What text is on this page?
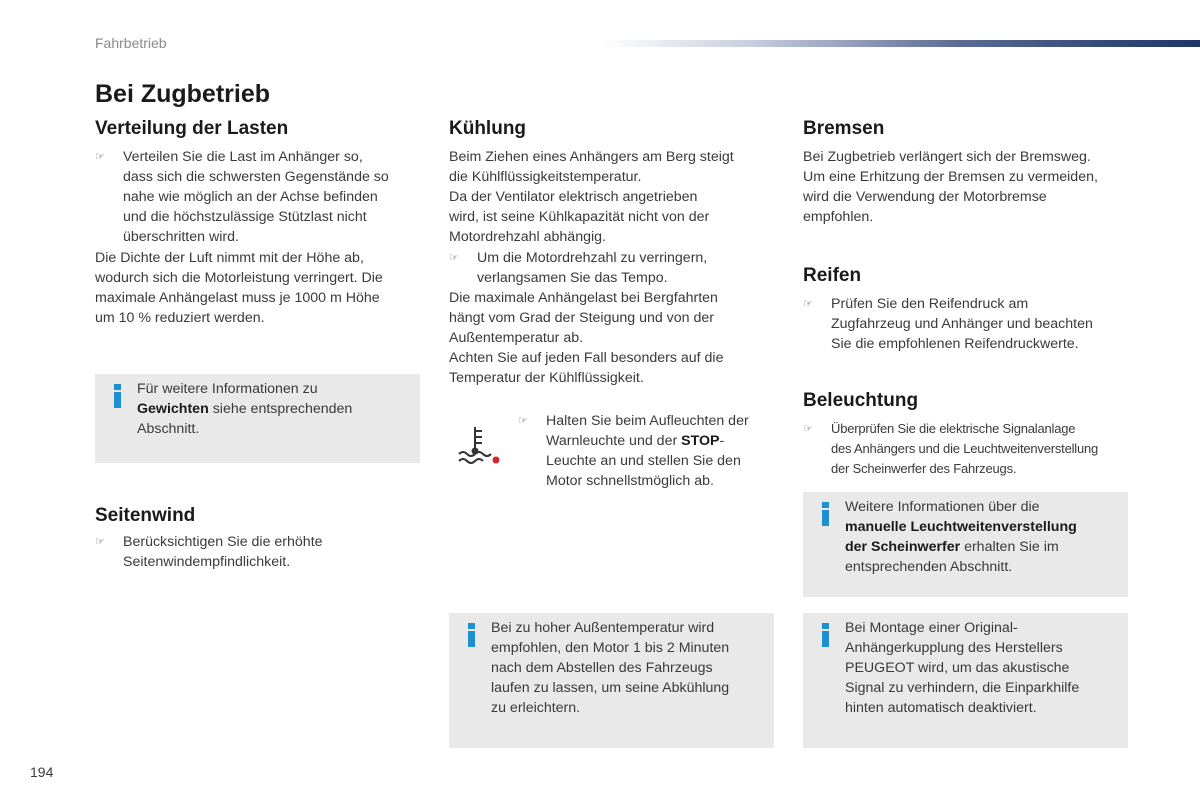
Fahrbetrieb
Bei Zugbetrieb
Verteilung der Lasten
☞ Verteilen Sie die Last im Anhänger so,
dass sich die schwersten Gegenstände so
nahe wie möglich an der Achse befinden
und die höchstzulässige Stützlast nicht
überschritten wird.
Die Dichte der Luft nimmt mit der Höhe ab,
wodurch sich die Motorleistung verringert. Die
maximale Anhängelast muss je 1000 m Höhe
um 10 % reduziert werden.
Für weitere Informationen zu
Gewichten siehe entsprechenden
Abschnitt.
Seitenwind
☞ Berücksichtigen Sie die erhöhte
Seitenwindempfindlichkeit.
Kühlung
Beim Ziehen eines Anhängers am Berg steigt
die Kühlflüssigkeitstemperatur.
Da der Ventilator elektrisch angetrieben
wird, ist seine Kühlkapazität nicht von der
Motordrehzahl abhängig.
☞ Um die Motordrehzahl zu verringern,
verlangsamen Sie das Tempo.
Die maximale Anhängelast bei Bergfahrten
hängt vom Grad der Steigung und von der
Außentemperatur ab.
Achten Sie auf jeden Fall besonders auf die
Temperatur der Kühlflüssigkeit.
☞ Halten Sie beim Aufleuchten der
Warnleuchte und der STOP-
Leuchte an und stellen Sie den
Motor schnellstmöglich ab.
Bei zu hoher Außentemperatur wird
empfohlen, den Motor 1 bis 2 Minuten
nach dem Abstellen des Fahrzeugs
laufen zu lassen, um seine Abkühlung
zu erleichtern.
Bremsen
Bei Zugbetrieb verlängert sich der Bremsweg.
Um eine Erhitzung der Bremsen zu vermeiden,
wird die Verwendung der Motorbremse
empfohlen.
Reifen
☞ Prüfen Sie den Reifendruck am
Zugfahrzeug und Anhänger und beachten
Sie die empfohlenen Reifendruckwerte.
Beleuchtung
☞ Überprüfen Sie die elektrische Signalanlage
des Anhängers und die Leuchtweitenverstellung
der Scheinwerfer des Fahrzeugs.
Weitere Informationen über die
manuelle Leuchtweitenverstellung
der Scheinwerfer erhalten Sie im
entsprechenden Abschnitt.
Bei Montage einer Original-
Anhängerkupplung des Herstellers
PEUGEOT wird, um das akustische
Signal zu verhindern, die Einparkhilfe
hinten automatisch deaktiviert.
194
